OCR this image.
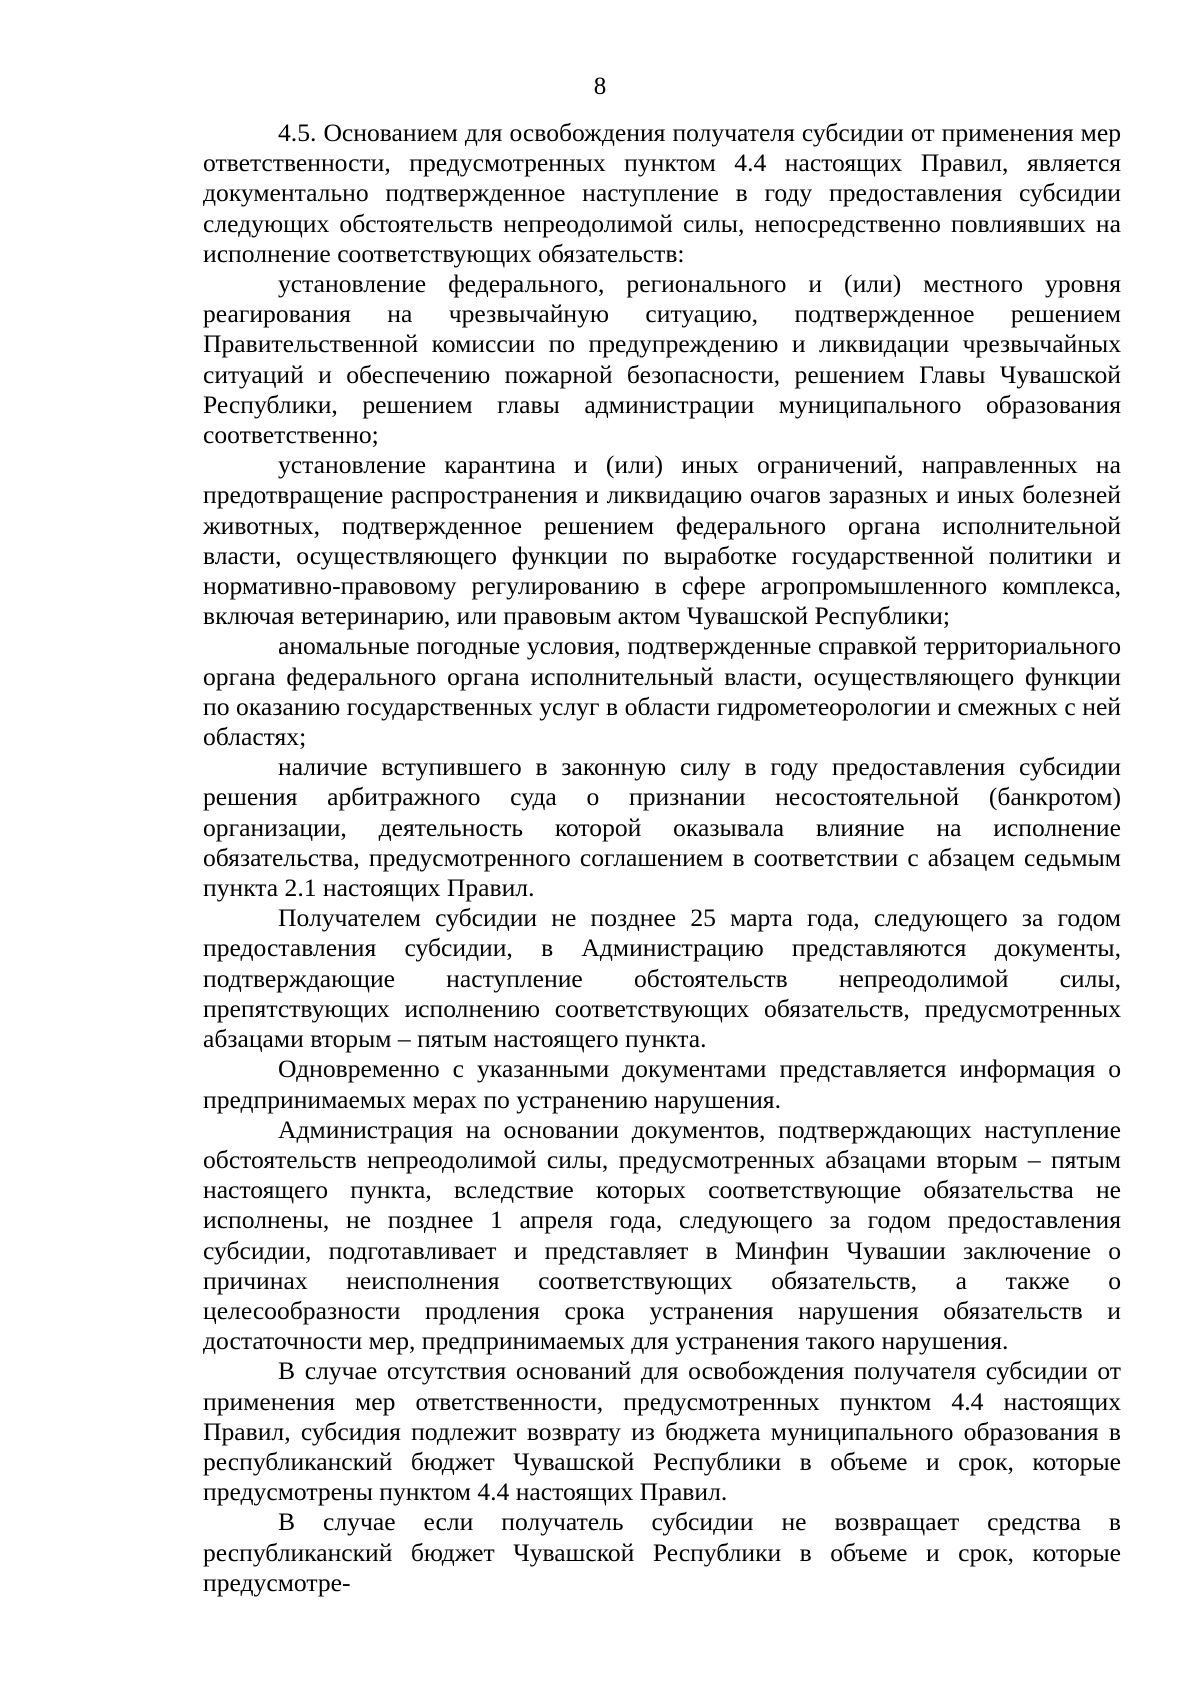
8

4.5. Основанием для освобождения получателя субсидии от применения мер ответственности, предусмотренных пунктом 4.4 настоящих Правил, является документально подтвержденное наступление в году предоставления субсидии следующих обстоятельств непреодолимой силы, непосредственно повлиявших на исполнение соответствующих обязательств:

установление федерального, регионального и (или) местного уровня реагирования на чрезвычайную ситуацию, подтвержденное решением Правительственной комиссии по предупреждению и ликвидации чрезвычайных ситуаций и обеспечению пожарной безопасности, решением Главы Чувашской Республики, решением главы администрации муниципального образования соответственно;

установление карантина и (или) иных ограничений, направленных на предотвращение распространения и ликвидацию очагов заразных и иных болезней животных, подтвержденное решением федерального органа исполнительной власти, осуществляющего функции по выработке государственной политики и нормативно-правовому регулированию в сфере агропромышленного комплекса, включая ветеринарию, или правовым актом Чувашской Республики;

аномальные погодные условия, подтвержденные справкой территориального органа федерального органа исполнительный власти, осуществляющего функции по оказанию государственных услуг в области гидрометеорологии и смежных с ней областях;

наличие вступившего в законную силу в году предоставления субсидии решения арбитражного суда о признании несостоятельной (банкротом) организации, деятельность которой оказывала влияние на исполнение обязательства, предусмотренного соглашением в соответствии с абзацем седьмым пункта 2.1 настоящих Правил.

Получателем субсидии не позднее 25 марта года, следующего за годом предоставления субсидии, в Администрацию представляются документы, подтверждающие наступление обстоятельств непреодолимой силы, препятствующих исполнению соответствующих обязательств, предусмотренных абзацами вторым – пятым настоящего пункта.

Одновременно с указанными документами представляется информация о предпринимаемых мерах по устранению нарушения.

Администрация на основании документов, подтверждающих наступление обстоятельств непреодолимой силы, предусмотренных абзацами вторым – пятым настоящего пункта, вследствие которых соответствующие обязательства не исполнены, не позднее 1 апреля года, следующего за годом предоставления субсидии, подготавливает и представляет в Минфин Чувашии заключение о причинах неисполнения соответствующих обязательств, а также о целесообразности продления срока устранения нарушения обязательств и достаточности мер, предпринимаемых для устранения такого нарушения.

В случае отсутствия оснований для освобождения получателя субсидии от применения мер ответственности, предусмотренных пунктом 4.4 настоящих Правил, субсидия подлежит возврату из бюджета муниципального образования в республиканский бюджет Чувашской Республики в объеме и срок, которые предусмотрены пунктом 4.4 настоящих Правил.

В случае если получатель субсидии не возвращает средства в республиканский бюджет Чувашской Республики в объеме и срок, которые предусмотре-
